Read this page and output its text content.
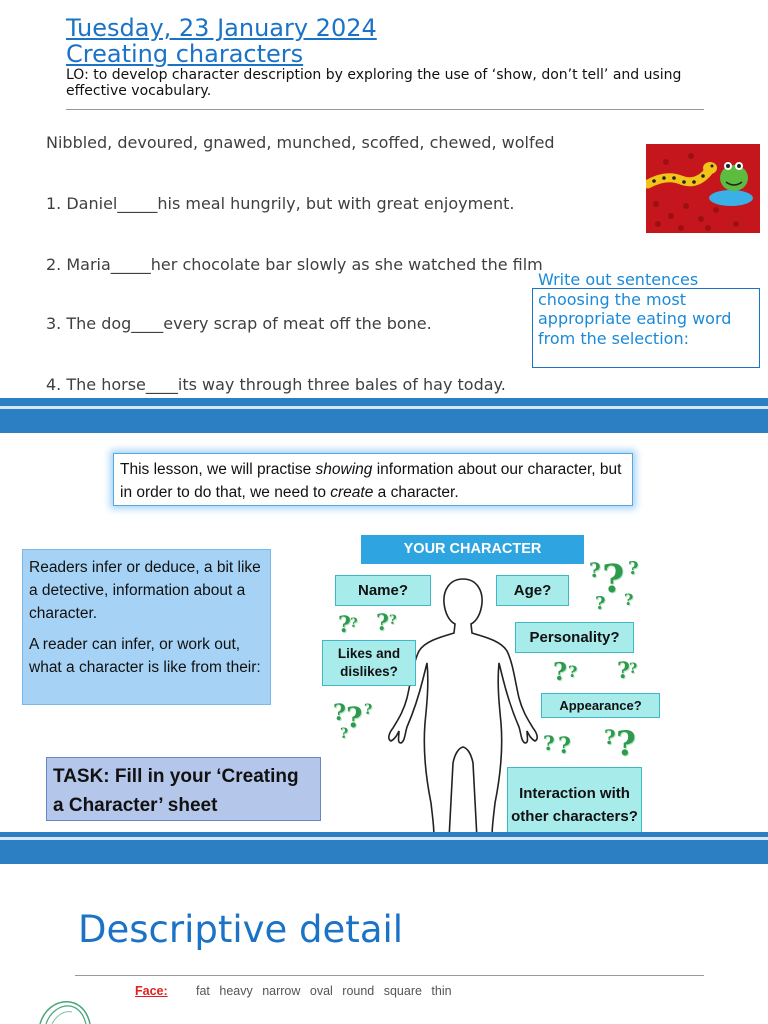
Tuesday, 23 January 2024
Creating characters
LO: to develop character description by exploring the use of ‘show, don’t tell’ and using effective vocabulary.
Nibbled, devoured, gnawed, munched, scoffed, chewed, wolfed
1. Daniel_____his meal hungrily, but with great enjoyment.
2. Maria_____her chocolate bar slowly as she watched the film
3. The dog____every scrap of meat off the bone.
4. The horse____its way through three bales of hay today.
Write out sentences choosing the most appropriate eating word from the selection:
This lesson, we will practise showing information about our character, but in order to do that, we need to create a character.

Readers infer or deduce, a bit like a detective, information about a character.

A reader can infer, or work out, what a character is like from their:

TASK: Fill in your ‘Creating a Character’ sheet
YOUR CHARACTER
Name?	Age?
Likes and dislikes?
Personality?
Appearance?
Interaction with other characters?
? ? ?
? ?
? ? ? ?
? ? ? ?
? ? ?
?	? ? ? ?
Descriptive detail
Face: fat heavy narrow oval round square thin
